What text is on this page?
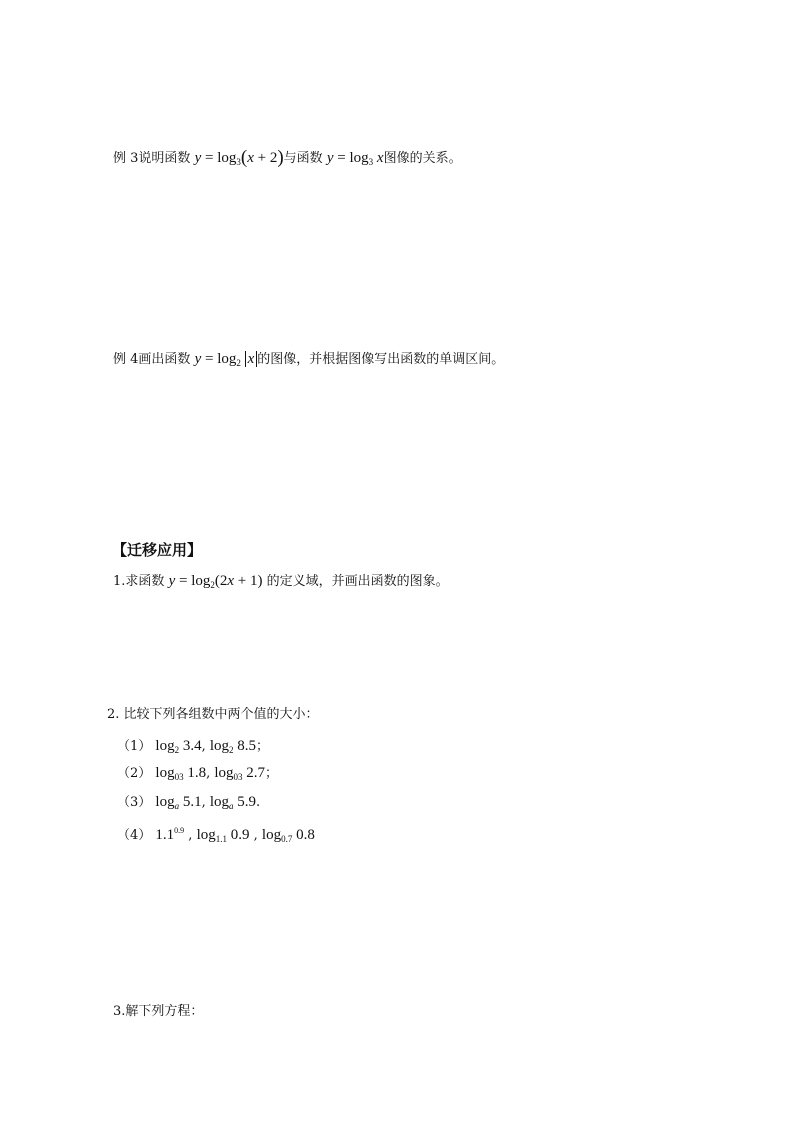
例 3说明函数 $y = \log_3(x + 2)$与函数 $y = \log_3 x$图像的关系。
例 4画出函数 $y = \log_2 x$ 的图像，并根据图像写出函数的单调区间。
【迁移应用】
1.求函数 $y = \log_2(2x + 1)$ 的定义域，并画出函数的图象。
2. 比较下列各组数中两个值的大小：
（1） $\log_2 3.4$, $\log_2 8.5$；
（2） $\log_{03} 1.8$, $\log_{03} 2.7$；
（3） $\log_a 5.1$, $\log_a 5.9$.
（4） $1.1^{0.9}$ , $\log_{1.1} 0.9$ , $\log_{0.7} 0.8$
3.解下列方程：
